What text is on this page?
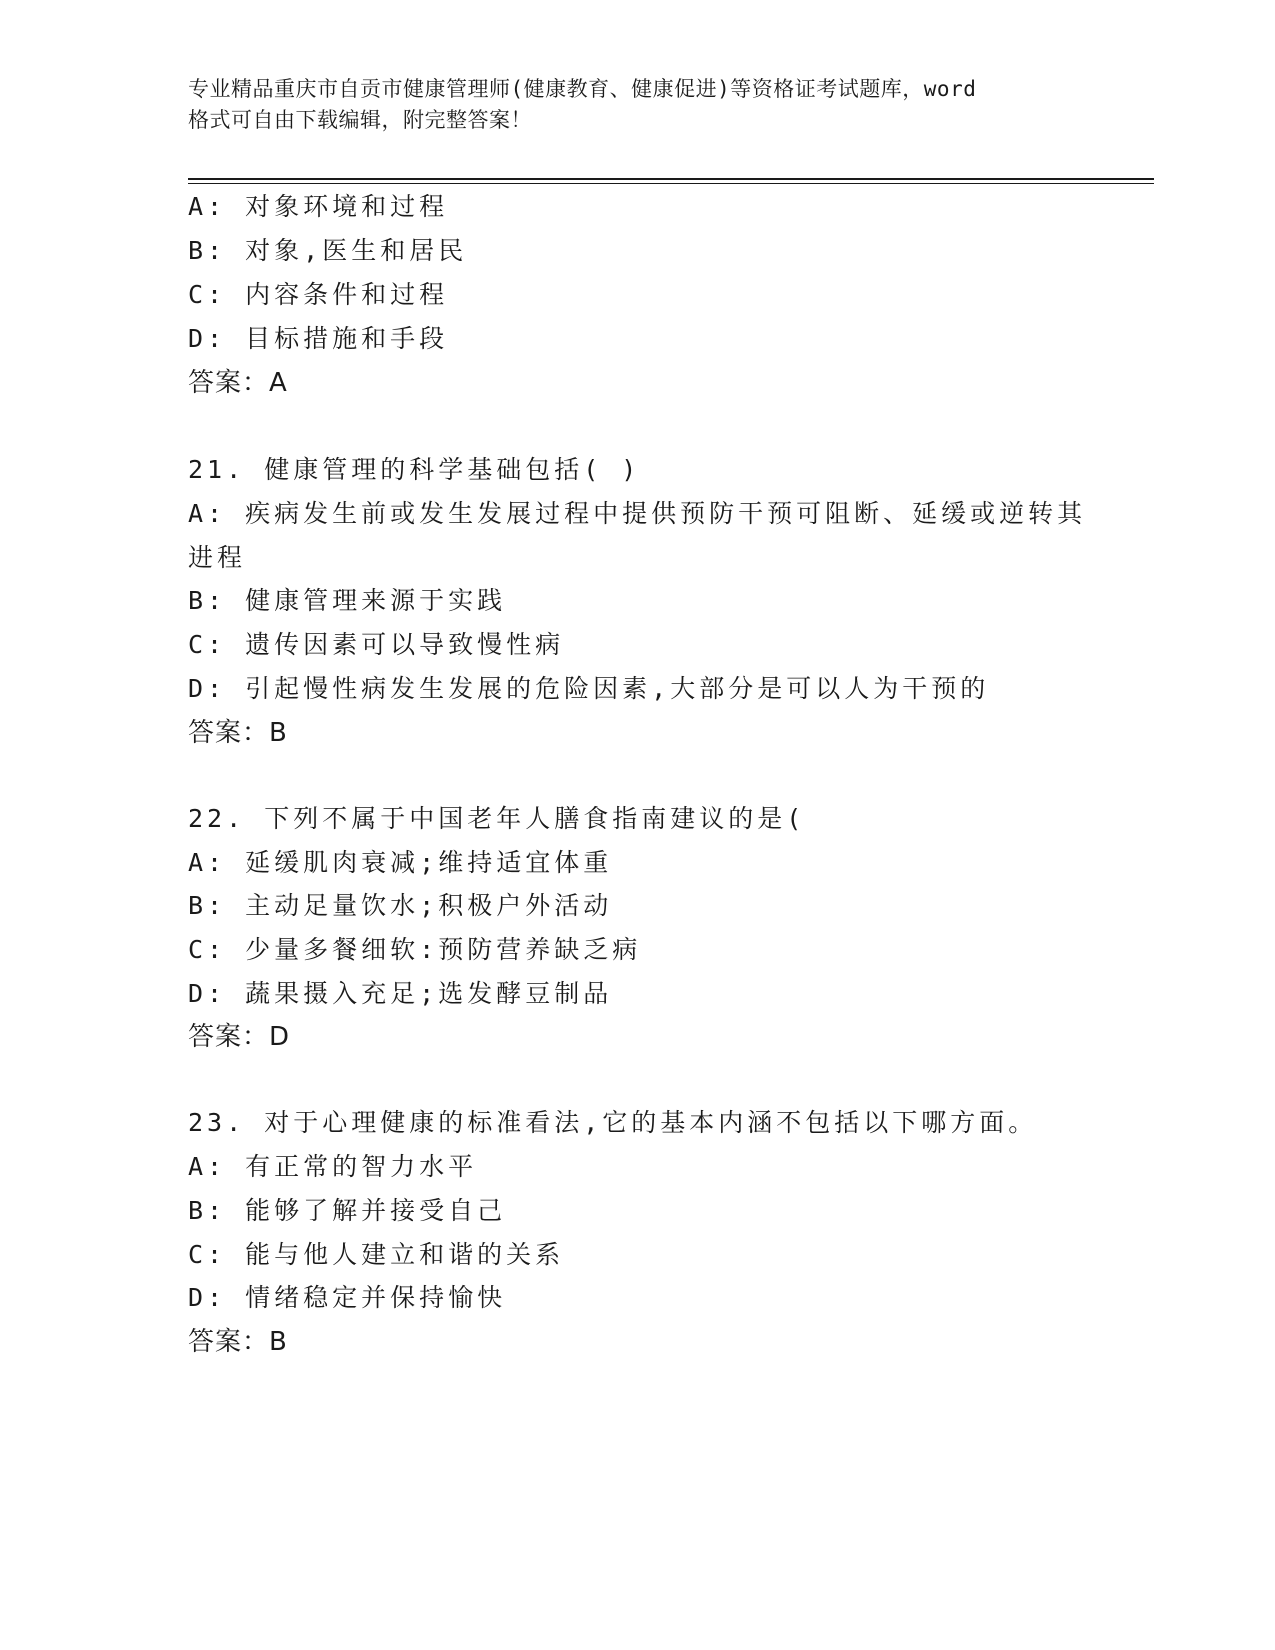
专业精品重庆市自贡市健康管理师(健康教育、健康促进)等资格证考试题库，word
格式可自由下载编辑，附完整答案！
A: 对象环境和过程
B: 对象,医生和居民
C: 内容条件和过程
D: 目标措施和手段
答案：A
21. 健康管理的科学基础包括( )
A: 疾病发生前或发生发展过程中提供预防干预可阻断、延缓或逆转其
进程
B: 健康管理来源于实践
C: 遗传因素可以导致慢性病
D: 引起慢性病发生发展的危险因素,大部分是可以人为干预的
答案：B
22. 下列不属于中国老年人膳食指南建议的是(
A: 延缓肌肉衰减;维持适宜体重
B: 主动足量饮水;积极户外活动
C: 少量多餐细软:预防营养缺乏病
D: 蔬果摄入充足;选发酵豆制品
答案：D
23. 对于心理健康的标准看法,它的基本内涵不包括以下哪方面。
A: 有正常的智力水平
B: 能够了解并接受自己
C: 能与他人建立和谐的关系
D: 情绪稳定并保持愉快
答案：B
